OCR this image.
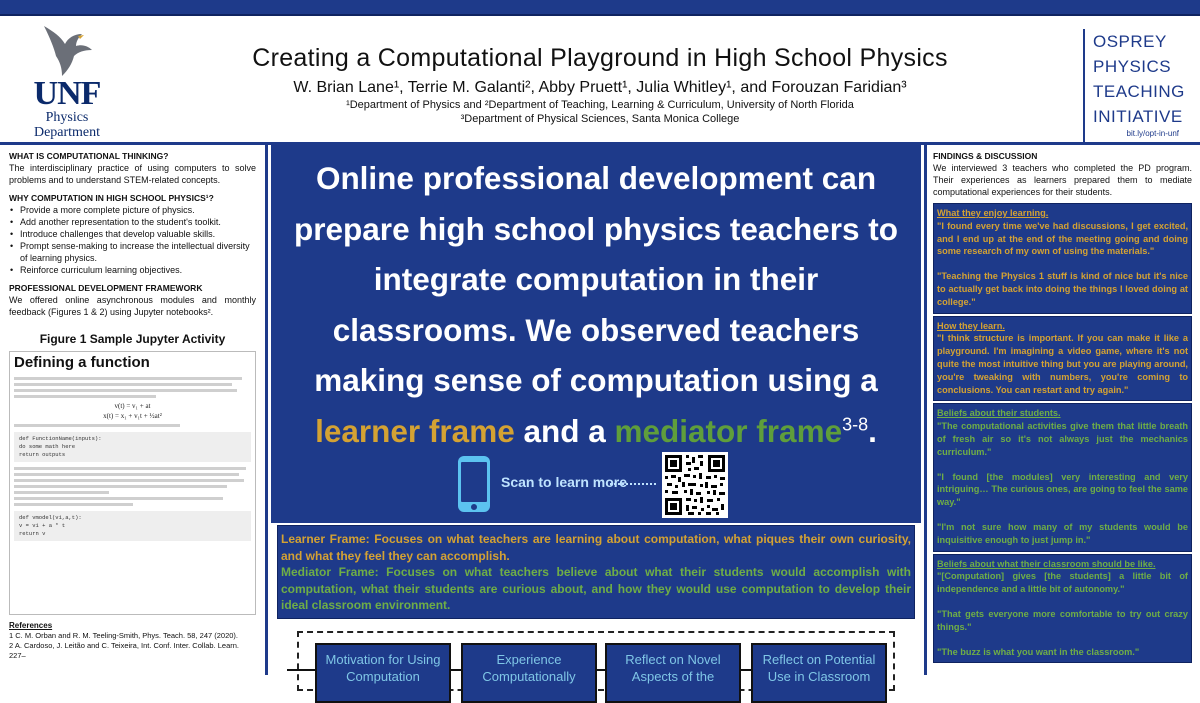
UNF
Physics
Department
Creating a Computational Playground in High School Physics
W. Brian Lane¹, Terrie M. Galanti², Abby Pruett¹, Julia Whitley¹, and Forouzan Faridian³
¹Department of Physics and ²Department of Teaching, Learning & Curriculum, University of North Florida
³Department of Physical Sciences, Santa Monica College
OSPREY
PHYSICS
TEACHING
INITIATIVE
bit.ly/opt-in-unf
WHAT IS COMPUTATIONAL THINKING?
The interdisciplinary practice of using computers to solve problems and to understand STEM-related concepts.
WHY COMPUTATION IN HIGH SCHOOL PHYSICS¹?
• Provide a more complete picture of physics.
• Add another representation to the student's toolkit.
• Introduce challenges that develop valuable skills.
• Prompt sense-making to increase the intellectual diversity of learning physics.
• Reinforce curriculum learning objectives.
PROFESSIONAL DEVELOPMENT FRAMEWORK
We offered online asynchronous modules and monthly feedback (Figures 1 & 2) using Jupyter notebooks².
Figure 1 Sample Jupyter Activity
Defining a function
v(t) = v₁ + at
x(t) = x₁ + v₁t + ½at²
def FunctionName(inputs):
do some math here
return outputs
def vmodel(vi,a,t):
v = vi + a * t
return v
References
1 C. M. Orban and R. M. Teeling-Smith, Phys. Teach. 58, 247 (2020).
2 A. Cardoso, J. Leitão and C. Teixeira, Int. Conf. Inter. Collab. Learn. 227–
Online professional development can prepare high school physics teachers to integrate computation in their classrooms. We observed teachers making sense of computation using a learner frame and a mediator frame$^{3-8}$.
Scan to learn more
Learner Frame: Focuses on what teachers are learning about computation, what piques their own curiosity, and what they feel they can accomplish.
Mediator Frame: Focuses on what teachers believe about what their students would accomplish with computation, what their students are curious about, and how they would use computation to develop their ideal classroom environment.
Motivation for Using Computation
Experience Computationally
Reflect on Novel Aspects of the
Reflect on Potential Use in Classroom
FINDINGS & DISCUSSION
We interviewed 3 teachers who completed the PD program. Their experiences as learners prepared them to mediate computational experiences for their students.
What they enjoy learning.

"I found every time we've had discussions, I get excited, and I end up at the end of the meeting going and doing some research of my own of using the materials."

"Teaching the Physics 1 stuff is kind of nice but it's nice to actually get back into doing the things I loved doing at college."

How they learn.

"I think structure is important. If you can make it like a playground. I'm imagining a video game, where it's not quite the most intuitive thing but you are playing around, you're tweaking with numbers, you're coming to conclusions. You can restart and try again."

Beliefs about their students.

"The computational activities give them that little breath of fresh air so it's not always just the mechanics curriculum."

"I found [the modules] very interesting and very intriguing… The curious ones, are going to feel the same way."

"I'm not sure how many of my students would be inquisitive enough to just jump in."

Beliefs about what their classroom should be like.

"[Computation] gives [the students] a little bit of independence and a little bit of autonomy."

"That gets everyone more comfortable to try out crazy things."

"The buzz is what you want in the classroom."
